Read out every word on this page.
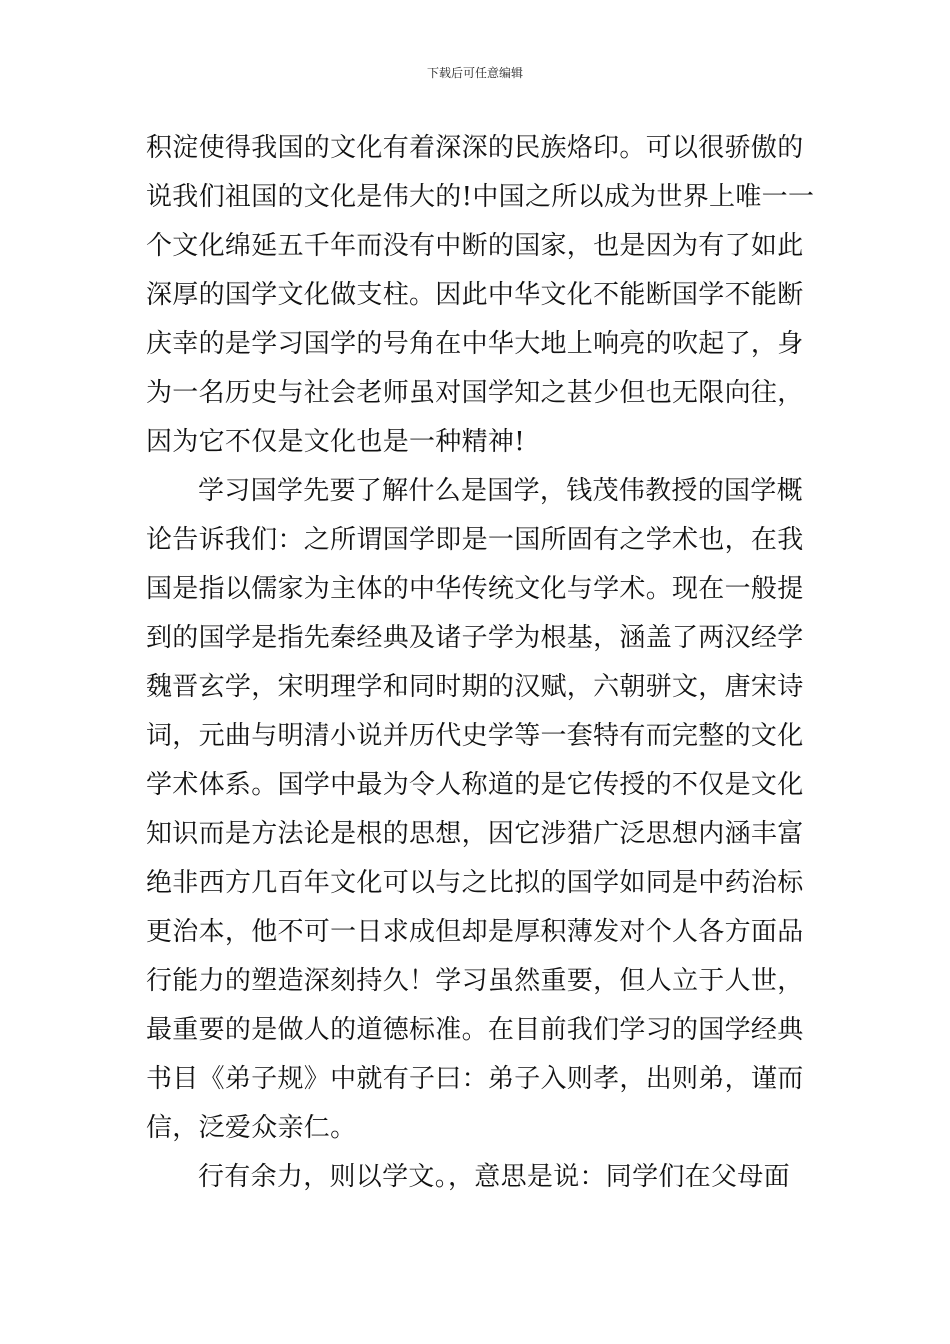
下载后可任意编辑
积淀使得我国的文化有着深深的民族烙印。可以很骄傲的
说我们祖国的文化是伟大的!中国之所以成为世界上唯一一
个文化绵延五千年而没有中断的国家，也是因为有了如此
深厚的国学文化做支柱。因此中华文化不能断国学不能断
庆幸的是学习国学的号角在中华大地上响亮的吹起了，身
为一名历史与社会老师虽对国学知之甚少但也无限向往，
因为它不仅是文化也是一种精神!
学习国学先要了解什么是国学，钱茂伟教授的国学概
论告诉我们：之所谓国学即是一国所固有之学术也，在我
国是指以儒家为主体的中华传统文化与学术。现在一般提
到的国学是指先秦经典及诸子学为根基，涵盖了两汉经学
魏晋玄学，宋明理学和同时期的汉赋，六朝骈文，唐宋诗
词，元曲与明清小说并历代史学等一套特有而完整的文化
学术体系。国学中最为令人称道的是它传授的不仅是文化
知识而是方法论是根的思想，因它涉猎广泛思想内涵丰富
绝非西方几百年文化可以与之比拟的国学如同是中药治标
更治本，他不可一日求成但却是厚积薄发对个人各方面品
行能力的塑造深刻持久！学习虽然重要，但人立于人世，
最重要的是做人的道德标准。在目前我们学习的国学经典
书目《弟子规》中就有子曰：弟子入则孝，出则弟，谨而
信，泛爱众亲仁。
行有余力，则以学文。，意思是说：同学们在父母面
